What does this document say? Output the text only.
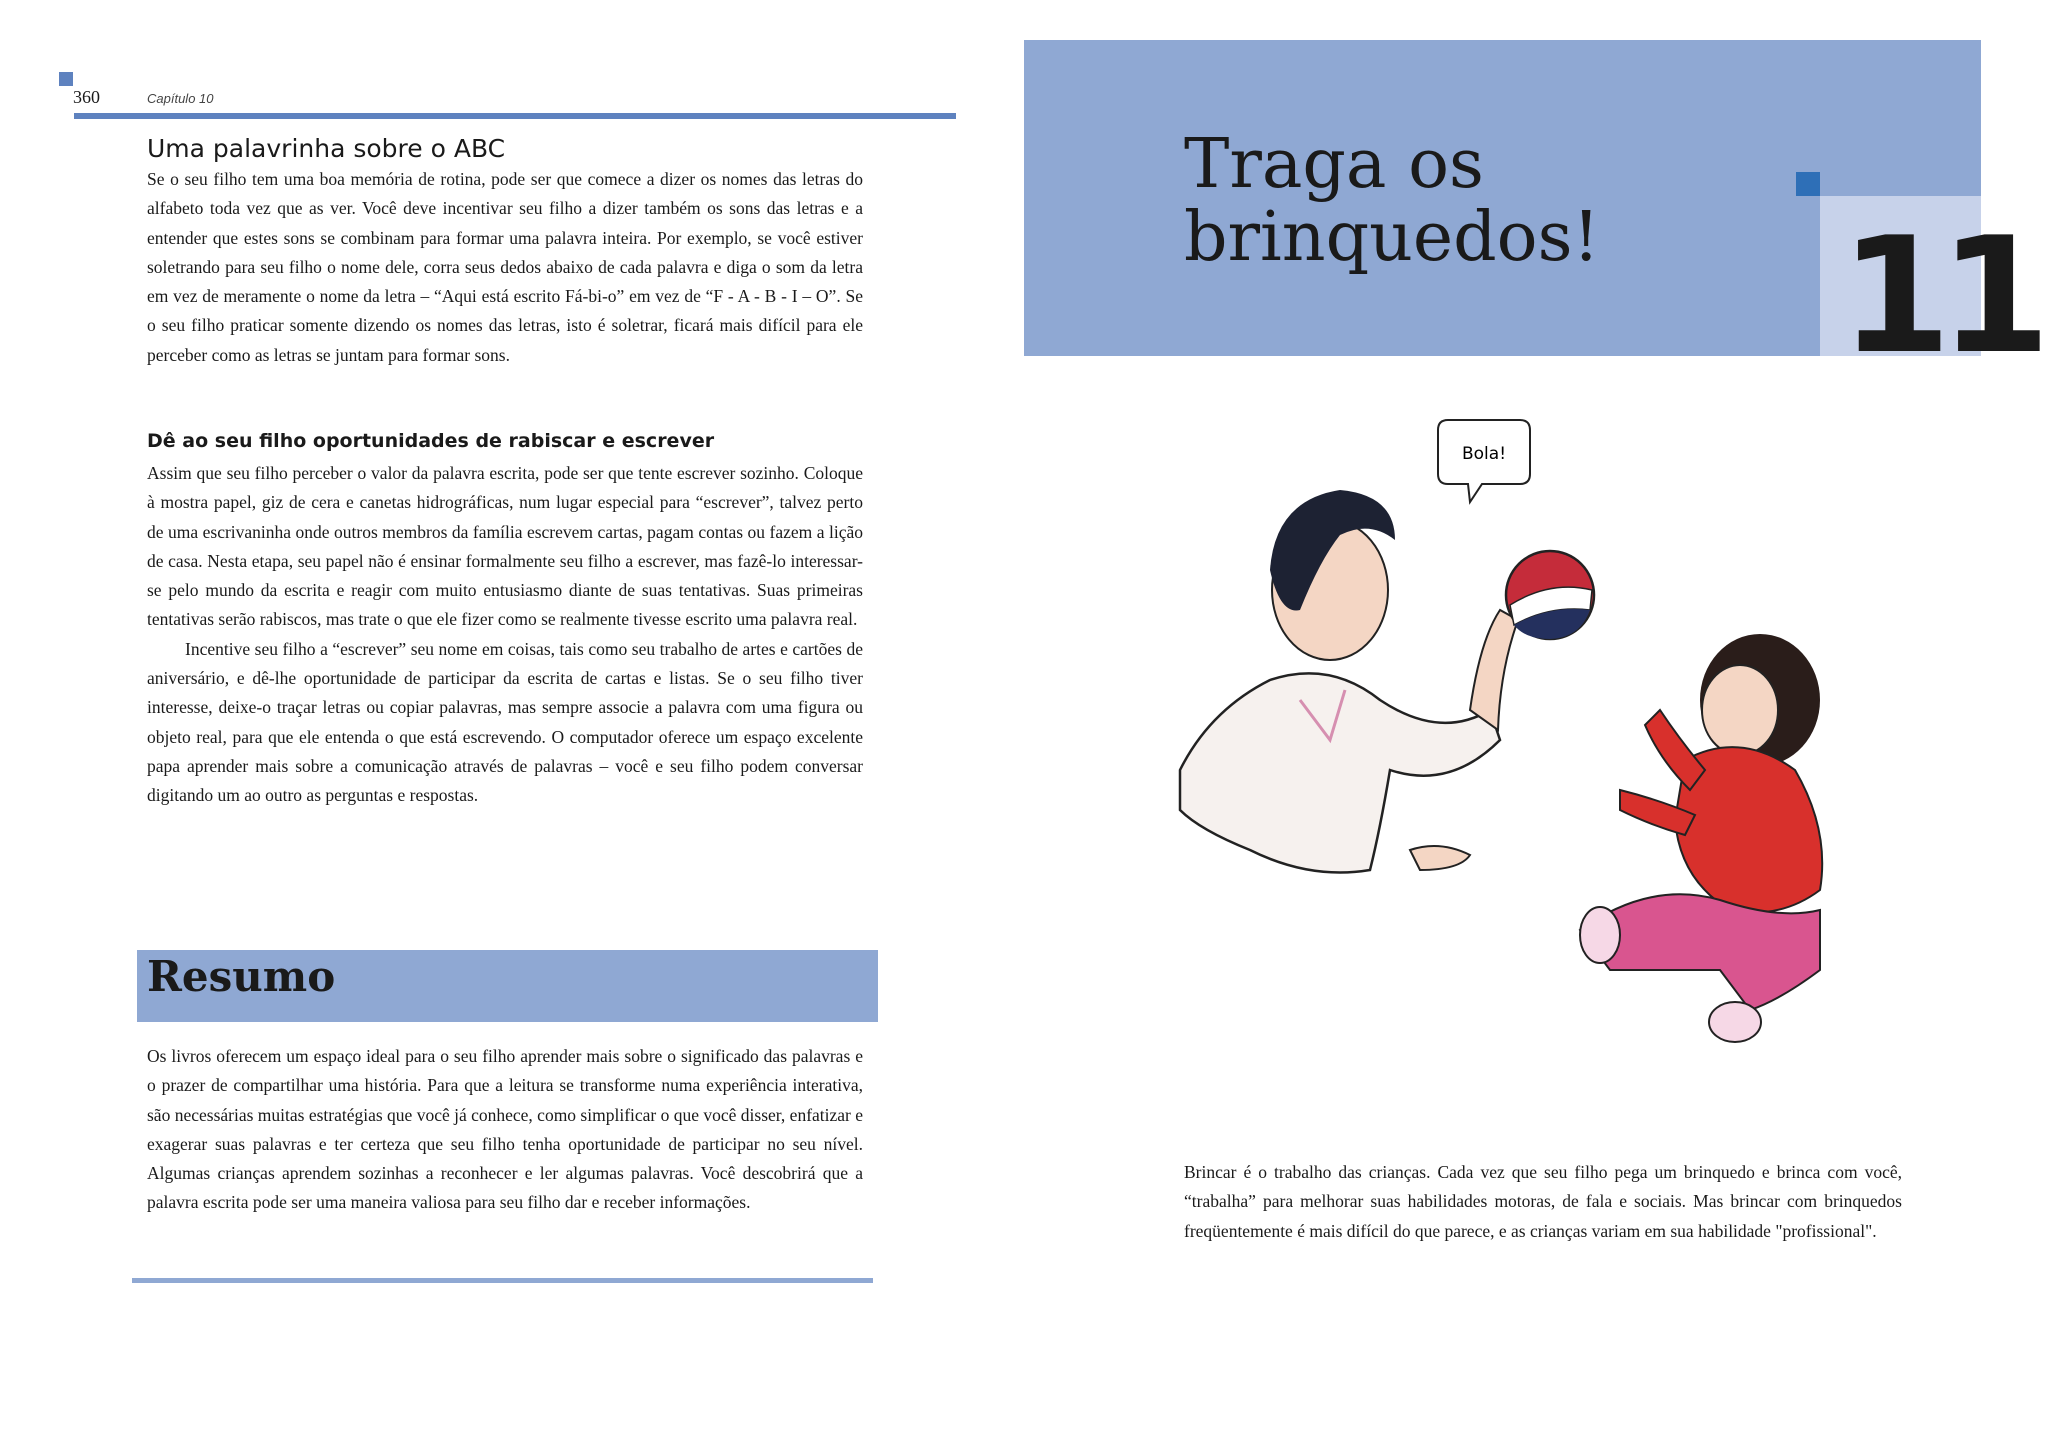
360	Capítulo 10
Uma palavrinha sobre o ABC

Se o seu filho tem uma boa memória de rotina, pode ser que comece a dizer os nomes das letras do alfabeto toda vez que as ver. Você deve incentivar seu filho a dizer também os sons das letras e a entender que estes sons se combinam para formar uma palavra inteira. Por exemplo, se você estiver soletrando para seu filho o nome dele, corra seus dedos abaixo de cada palavra e diga o som da letra em vez de meramente o nome da letra – “Aqui está escrito Fá-bi-o” em vez de “F - A - B - I – O”. Se o seu filho praticar somente dizendo os nomes das letras, isto é soletrar, ficará mais difícil para ele perceber como as letras se juntam para formar sons.

Dê ao seu filho oportunidades de rabiscar e escrever

Assim que seu filho perceber o valor da palavra escrita, pode ser que tente escrever sozinho. Coloque à mostra papel, giz de cera e canetas hidrográficas, num lugar especial para “escrever”, talvez perto de uma escrivaninha onde outros membros da família escrevem cartas, pagam contas ou fazem a lição de casa. Nesta etapa, seu papel não é ensinar formalmente seu filho a escrever, mas fazê-lo interessar-se pelo mundo da escrita e reagir com muito entusiasmo diante de suas tentativas. Suas primeiras tentativas serão rabiscos, mas trate o que ele fizer como se realmente tivesse escrito uma palavra real.

Incentive seu filho a “escrever” seu nome em coisas, tais como seu trabalho de artes e cartões de aniversário, e dê-lhe oportunidade de participar da escrita de cartas e listas. Se o seu filho tiver interesse, deixe-o traçar letras ou copiar palavras, mas sempre associe a palavra com uma figura ou objeto real, para que ele entenda o que está escrevendo. O computador oferece um espaço excelente papa aprender mais sobre a comunicação através de palavras – você e seu filho podem conversar digitando um ao outro as perguntas e respostas.

Resumo

Os livros oferecem um espaço ideal para o seu filho aprender mais sobre o significado das palavras e o prazer de compartilhar uma história. Para que a leitura se transforme numa experiência interativa, são necessárias muitas estratégias que você já conhece, como simplificar o que você disser, enfatizar e exagerar suas palavras e ter certeza que seu filho tenha oportunidade de participar no seu nível. Algumas crianças aprendem sozinhas a reconhecer e ler algumas palavras. Você descobrirá que a palavra escrita pode ser uma maneira valiosa para seu filho dar e receber informações.

Traga os
brinquedos! 11
Bola!

Brincar é o trabalho das crianças. Cada vez que seu filho pega um brinquedo e brinca com você, “trabalha” para melhorar suas habilidades motoras, de fala e sociais. Mas brincar com brinquedos freqüentemente é mais difícil do que parece, e as crianças variam em sua habilidade "profissional".
